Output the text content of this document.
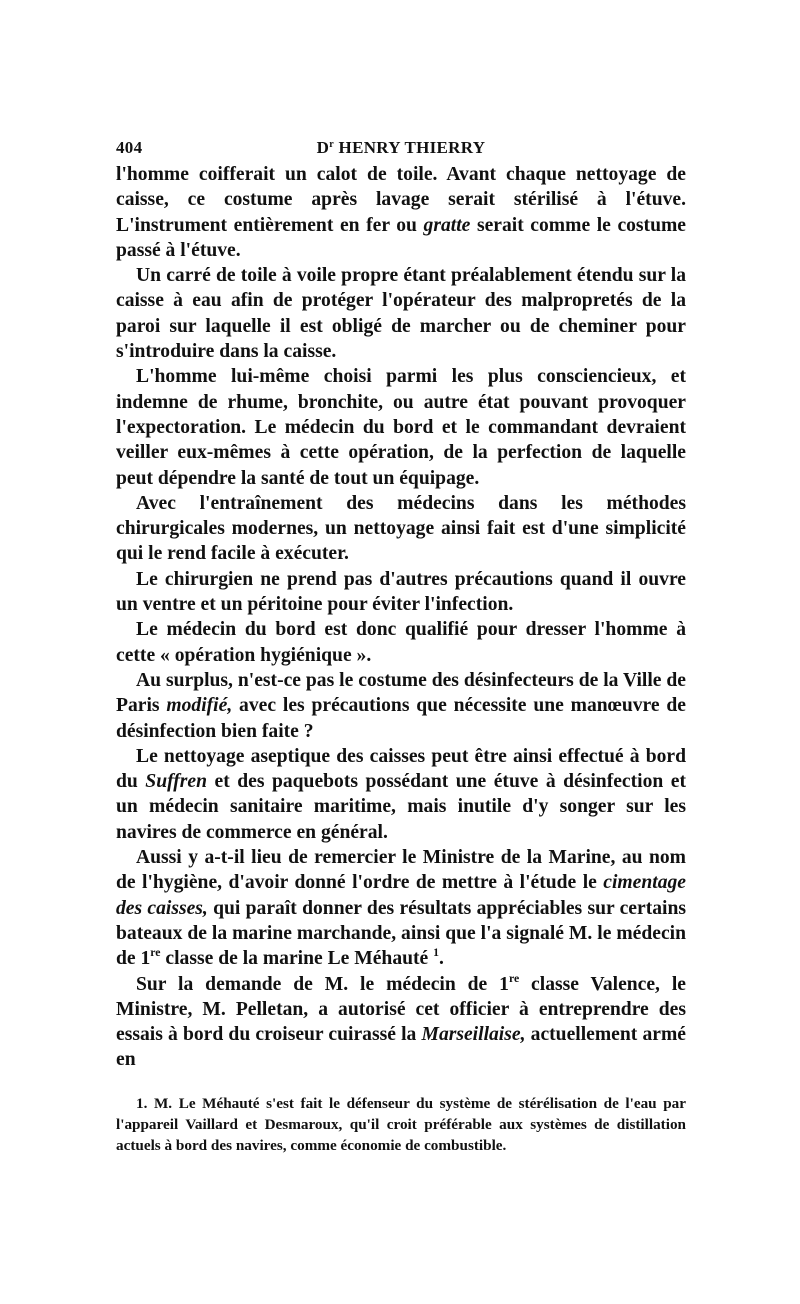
404	$D^r$ HENRY THIERRY

l'homme coifferait un calot de toile. Avant chaque nettoyage de caisse, ce costume après lavage serait stérilisé à l'étuve. L'instrument entièrement en fer ou gratte serait comme le costume passé à l'étuve.

Un carré de toile à voile propre étant préalablement étendu sur la caisse à eau afin de protéger l'opérateur des malpropretés de la paroi sur laquelle il est obligé de marcher ou de cheminer pour s'introduire dans la caisse.

L'homme lui-même choisi parmi les plus consciencieux, et indemne de rhume, bronchite, ou autre état pouvant provoquer l'expectoration. Le médecin du bord et le commandant devraient veiller eux-mêmes à cette opération, de la perfection de laquelle peut dépendre la santé de tout un équipage.

Avec l'entraînement des médecins dans les méthodes chirurgicales modernes, un nettoyage ainsi fait est d'une simplicité qui le rend facile à exécuter.

Le chirurgien ne prend pas d'autres précautions quand il ouvre un ventre et un péritoine pour éviter l'infection.

Le médecin du bord est donc qualifié pour dresser l'homme à cette « opération hygiénique ».

Au surplus, n'est-ce pas le costume des désinfecteurs de la Ville de Paris modifié, avec les précautions que nécessite une manœuvre de désinfection bien faite ?

Le nettoyage aseptique des caisses peut être ainsi effectué à bord du Suffren et des paquebots possédant une étuve à désinfection et un médecin sanitaire maritime, mais inutile d'y songer sur les navires de commerce en général.

Aussi y a-t-il lieu de remercier le Ministre de la Marine, au nom de l'hygiène, d'avoir donné l'ordre de mettre à l'étude le cimentage des caisses, qui paraît donner des résultats appréciables sur certains bateaux de la marine marchande, ainsi que l'a signalé M. le médecin de 1re classe de la marine Le Méhauté $^1$.

Sur la demande de M. le médecin de 1re classe Valence, le Ministre, M. Pelletan, a autorisé cet officier à entreprendre des essais à bord du croiseur cuirassé la Marseillaise, actuellement armé en

1. M. Le Méhauté s'est fait le défenseur du système de stérélisation de l'eau par l'appareil Vaillard et Desmaroux, qu'il croit préférable aux systèmes de distillation actuels à bord des navires, comme économie de combustible.
